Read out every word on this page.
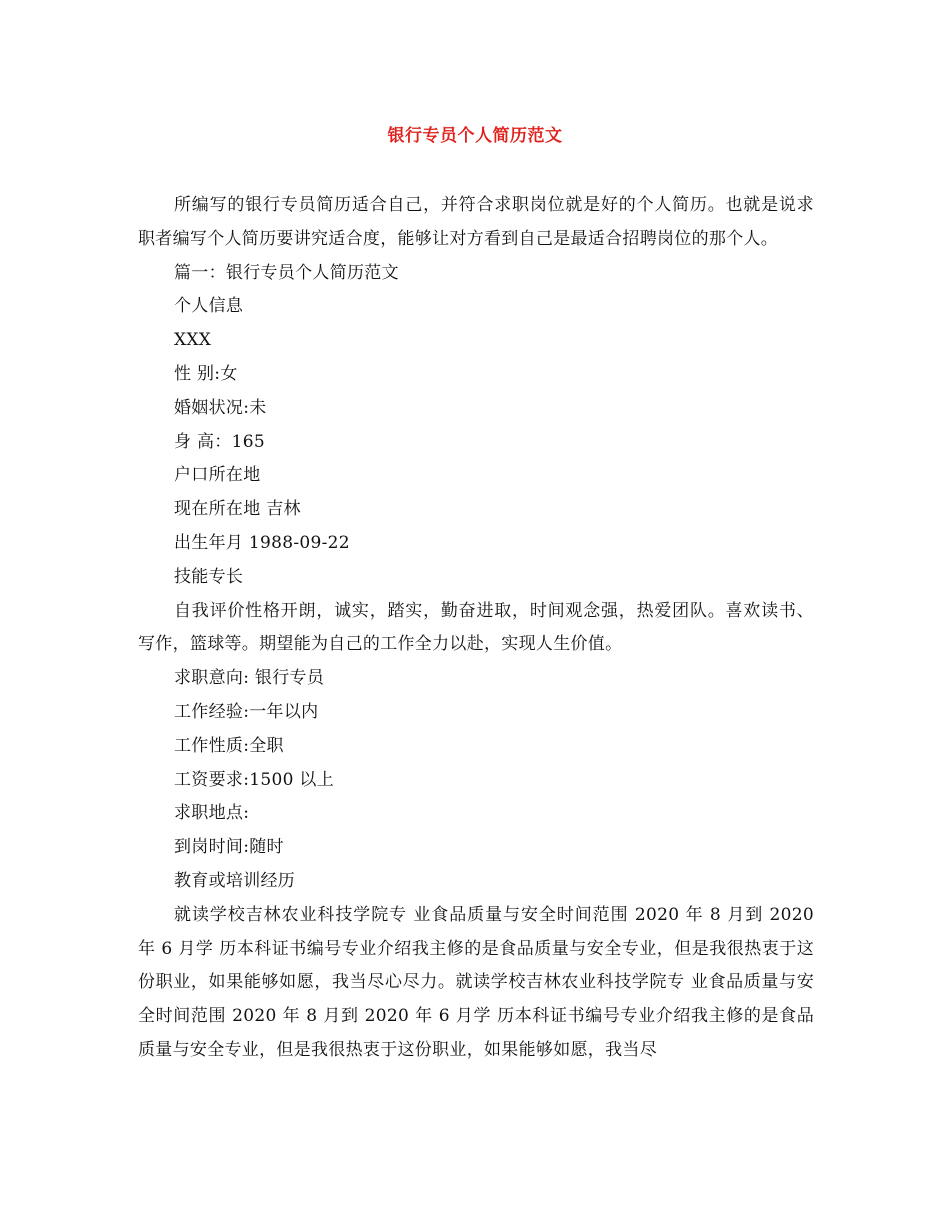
银行专员个人简历范文

所编写的银行专员简历适合自己，并符合求职岗位就是好的个人简历。也就是说求职者编写个人简历要讲究适合度，能够让对方看到自己是最适合招聘岗位的那个人。

篇一：银行专员个人简历范文

个人信息

XXX

性 别:女

婚姻状况:未

身 高：165

户口所在地

现在所在地 吉林

出生年月 1988-09-22

技能专长

自我评价性格开朗，诚实，踏实，勤奋进取，时间观念强，热爱团队。喜欢读书、写作，篮球等。期望能为自己的工作全力以赴，实现人生价值。

求职意向: 银行专员

工作经验:一年以内

工作性质:全职

工资要求:1500 以上

求职地点:

到岗时间:随时

教育或培训经历

就读学校吉林农业科技学院专 业食品质量与安全时间范围 2020 年 8 月到 2020 年 6 月学 历本科证书编号专业介绍我主修的是食品质量与安全专业，但是我很热衷于这份职业，如果能够如愿，我当尽心尽力。就读学校吉林农业科技学院专 业食品质量与安全时间范围 2020 年 8 月到 2020 年 6 月学 历本科证书编号专业介绍我主修的是食品质量与安全专业，但是我很热衷于这份职业，如果能够如愿，我当尽
